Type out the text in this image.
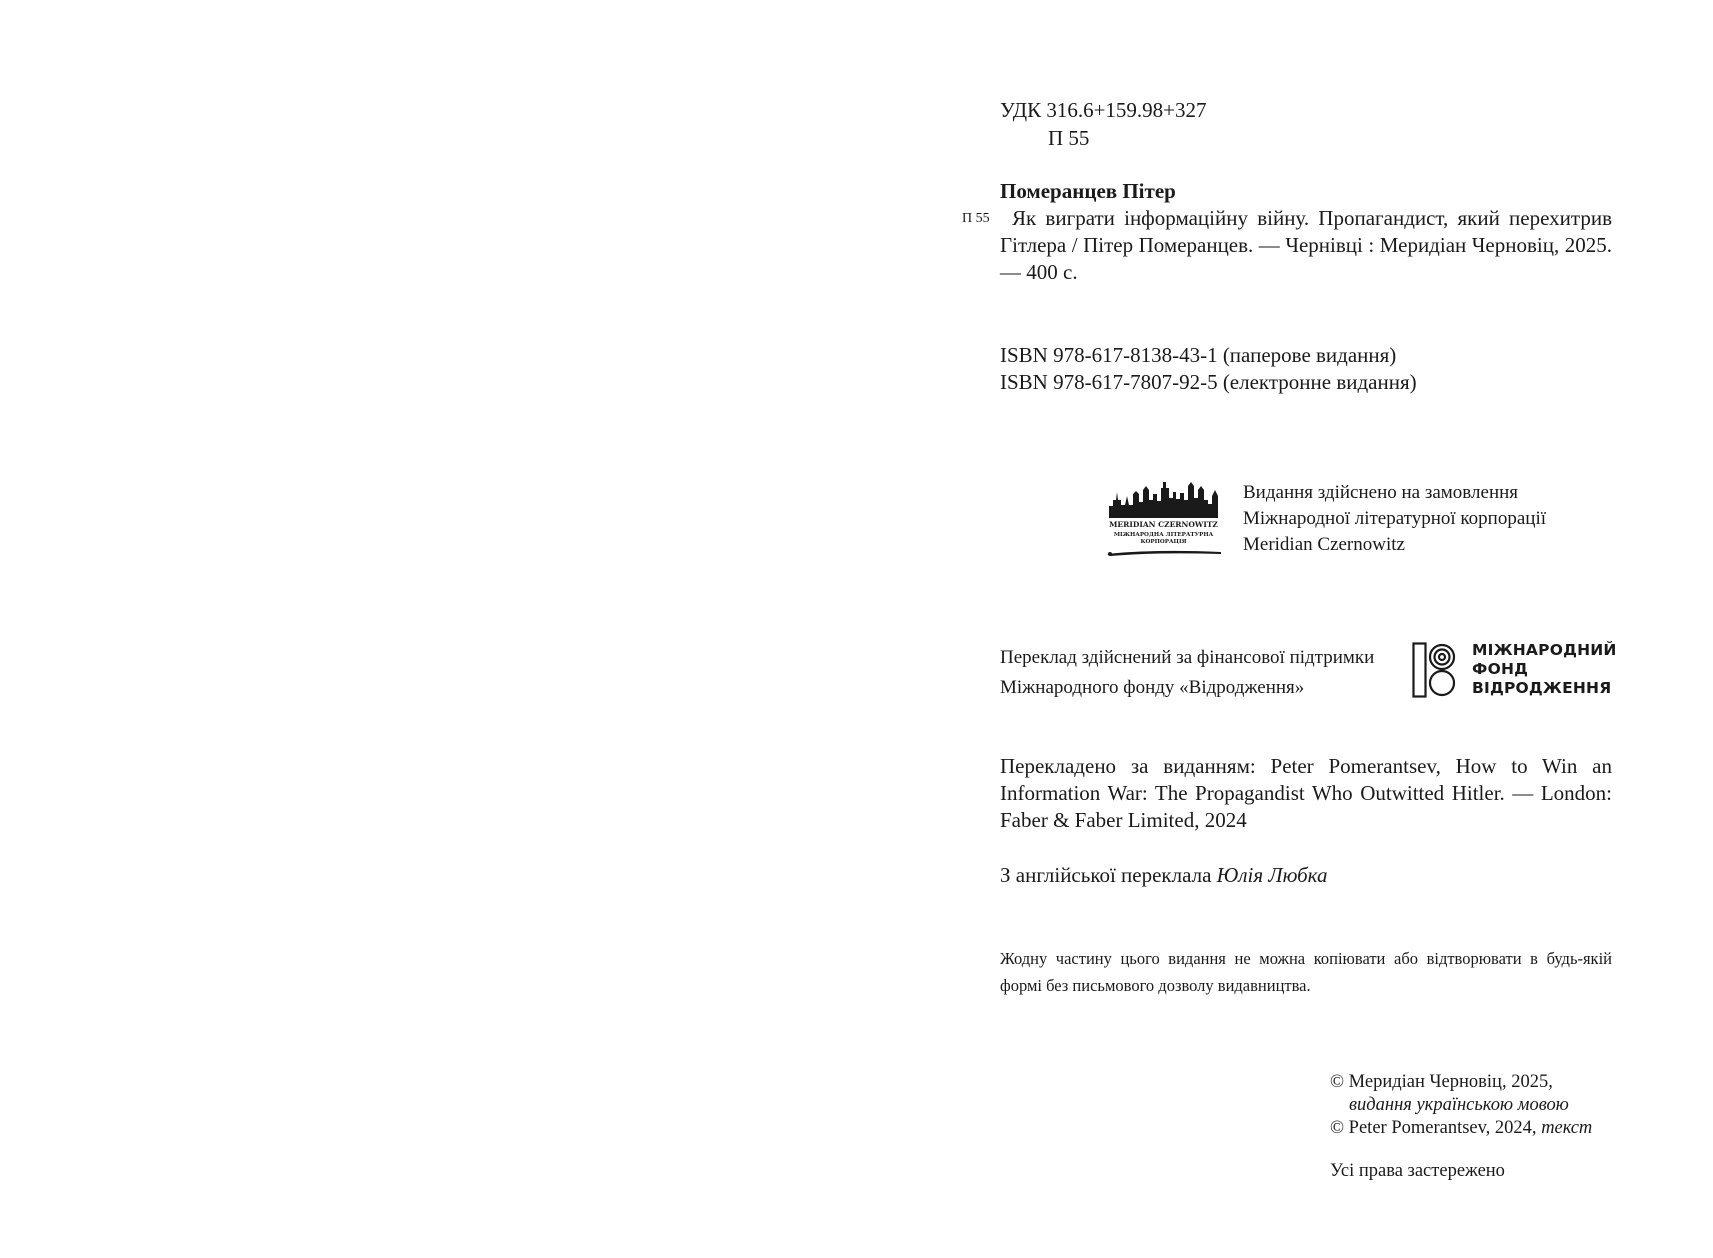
УДК 316.6+159.98+327
П 55
Померанцев Пітер
П 55	Як виграти інформаційну війну. Пропагандист, який перехитрив Гітлера / Пітер Померанцев. — Чернівці : Меридіан Черновіц, 2025. — 400 с.
ISBN 978-617-8138-43-1 (паперове видання)
ISBN 978-617-7807-92-5 (електронне видання)
MERIDIAN CZERNOWITZ
МІЖНАРОДНА ЛІТЕРАТУРНА
КОРПОРАЦІЯ
Видання здійснено на замовлення
Міжнародної літературної корпорації
Meridian Czernowitz
Переклад здійснений за фінансової підтримки
Міжнародного фонду «Відродження»
МІЖНАРОДНИЙ
ФОНД
ВІДРОДЖЕННЯ
Перекладено за виданням: Peter Pomerantsev, How to Win an Information War: The Propagandist Who Outwitted Hitler. — London: Faber & Faber Limited, 2024
З англійської переклала Юлія Любка
Жодну частину цього видання не можна копіювати або відтворювати в будь-якій формі без письмового дозволу видавництва.
© Меридіан Черновіц, 2025,
видання українською мовою
© Peter Pomerantsev, 2024, текст
Усі права застережено
